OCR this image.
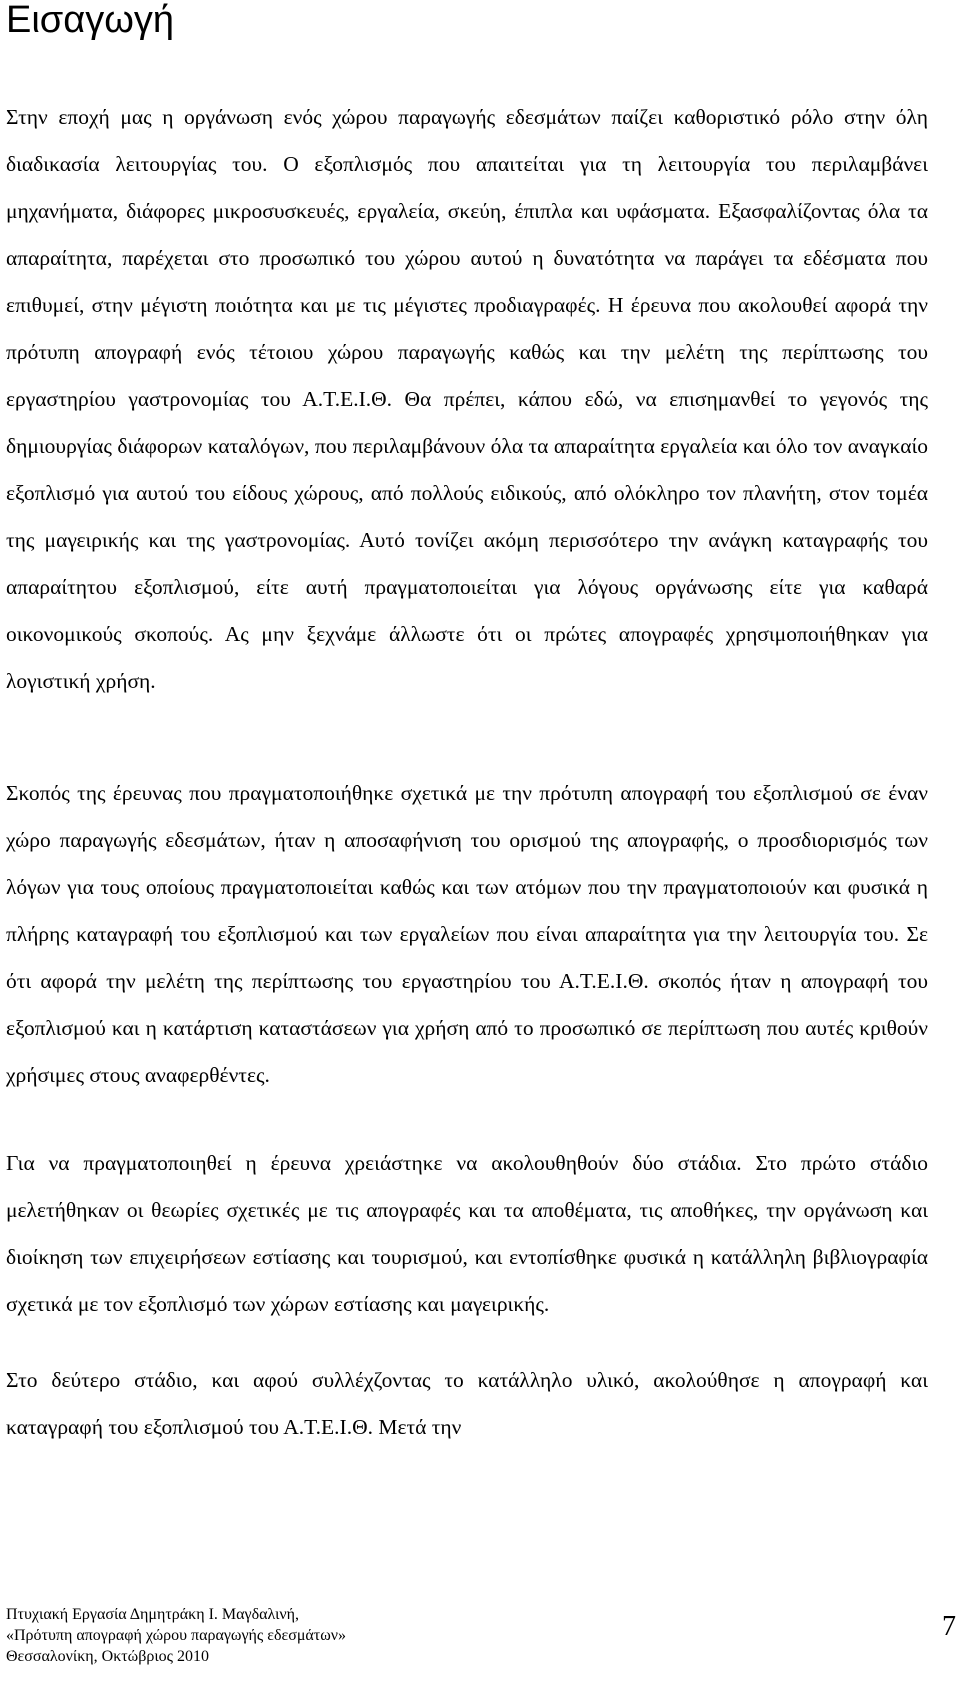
Εισαγωγή

Στην εποχή μας η οργάνωση ενός χώρου παραγωγής εδεσμάτων παίζει καθοριστικό ρόλο στην όλη διαδικασία λειτουργίας του. Ο εξοπλισμός που απαιτείται για τη λειτουργία του περιλαμβάνει μηχανήματα, διάφορες μικροσυσκευές, εργαλεία, σκεύη, έπιπλα και υφάσματα. Εξασφαλίζοντας όλα τα απαραίτητα, παρέχεται στο προσωπικό του χώρου αυτού η δυνατότητα να παράγει τα εδέσματα που επιθυμεί, στην μέγιστη ποιότητα και με τις μέγιστες προδιαγραφές. Η έρευνα που ακολουθεί αφορά την πρότυπη απογραφή ενός τέτοιου χώρου παραγωγής καθώς και την μελέτη της περίπτωσης του εργαστηρίου γαστρονομίας του Α.Τ.Ε.Ι.Θ. Θα πρέπει, κάπου εδώ, να επισημανθεί το γεγονός της δημιουργίας διάφορων καταλόγων, που περιλαμβάνουν όλα τα απαραίτητα εργαλεία και όλο τον αναγκαίο εξοπλισμό για αυτού του είδους χώρους, από πολλούς ειδικούς, από ολόκληρο τον πλανήτη, στον τομέα της μαγειρικής και της γαστρονομίας. Αυτό τονίζει ακόμη περισσότερο την ανάγκη καταγραφής του απαραίτητου εξοπλισμού, είτε αυτή πραγματοποιείται για λόγους οργάνωσης είτε για καθαρά οικονομικούς σκοπούς. Ας μην ξεχνάμε άλλωστε ότι οι πρώτες απογραφές χρησιμοποιήθηκαν για λογιστική χρήση.

Σκοπός της έρευνας που πραγματοποιήθηκε σχετικά με την πρότυπη απογραφή του εξοπλισμού σε έναν χώρο παραγωγής εδεσμάτων, ήταν η αποσαφήνιση του ορισμού της απογραφής, ο προσδιορισμός των λόγων για τους οποίους πραγματοποιείται καθώς και των ατόμων που την πραγματοποιούν και φυσικά η πλήρης καταγραφή του εξοπλισμού και των εργαλείων που είναι απαραίτητα για την λειτουργία του. Σε ότι αφορά την μελέτη της περίπτωσης του εργαστηρίου του Α.Τ.Ε.Ι.Θ. σκοπός ήταν η απογραφή του εξοπλισμού και η κατάρτιση καταστάσεων για χρήση από το προσωπικό σε περίπτωση που αυτές κριθούν χρήσιμες στους αναφερθέντες.

Για να πραγματοποιηθεί η έρευνα χρειάστηκε να ακολουθηθούν δύο στάδια. Στο πρώτο στάδιο μελετήθηκαν οι θεωρίες σχετικές με τις απογραφές και τα αποθέματα, τις αποθήκες, την οργάνωση και διοίκηση των επιχειρήσεων εστίασης και τουρισμού, και εντοπίσθηκε φυσικά η κατάλληλη βιβλιογραφία σχετικά με τον εξοπλισμό των χώρων εστίασης και μαγειρικής.

Στο δεύτερο στάδιο, και αφού συλλέχζοντας το κατάλληλο υλικό, ακολούθησε η απογραφή και καταγραφή του εξοπλισμού του Α.Τ.Ε.Ι.Θ. Μετά την

Πτυχιακή Εργασία Δημητράκη Ι. Μαγδαλινή,
«Πρότυπη απογραφή χώρου παραγωγής εδεσμάτων»
Θεσσαλονίκη, Οκτώβριος 2010
7
